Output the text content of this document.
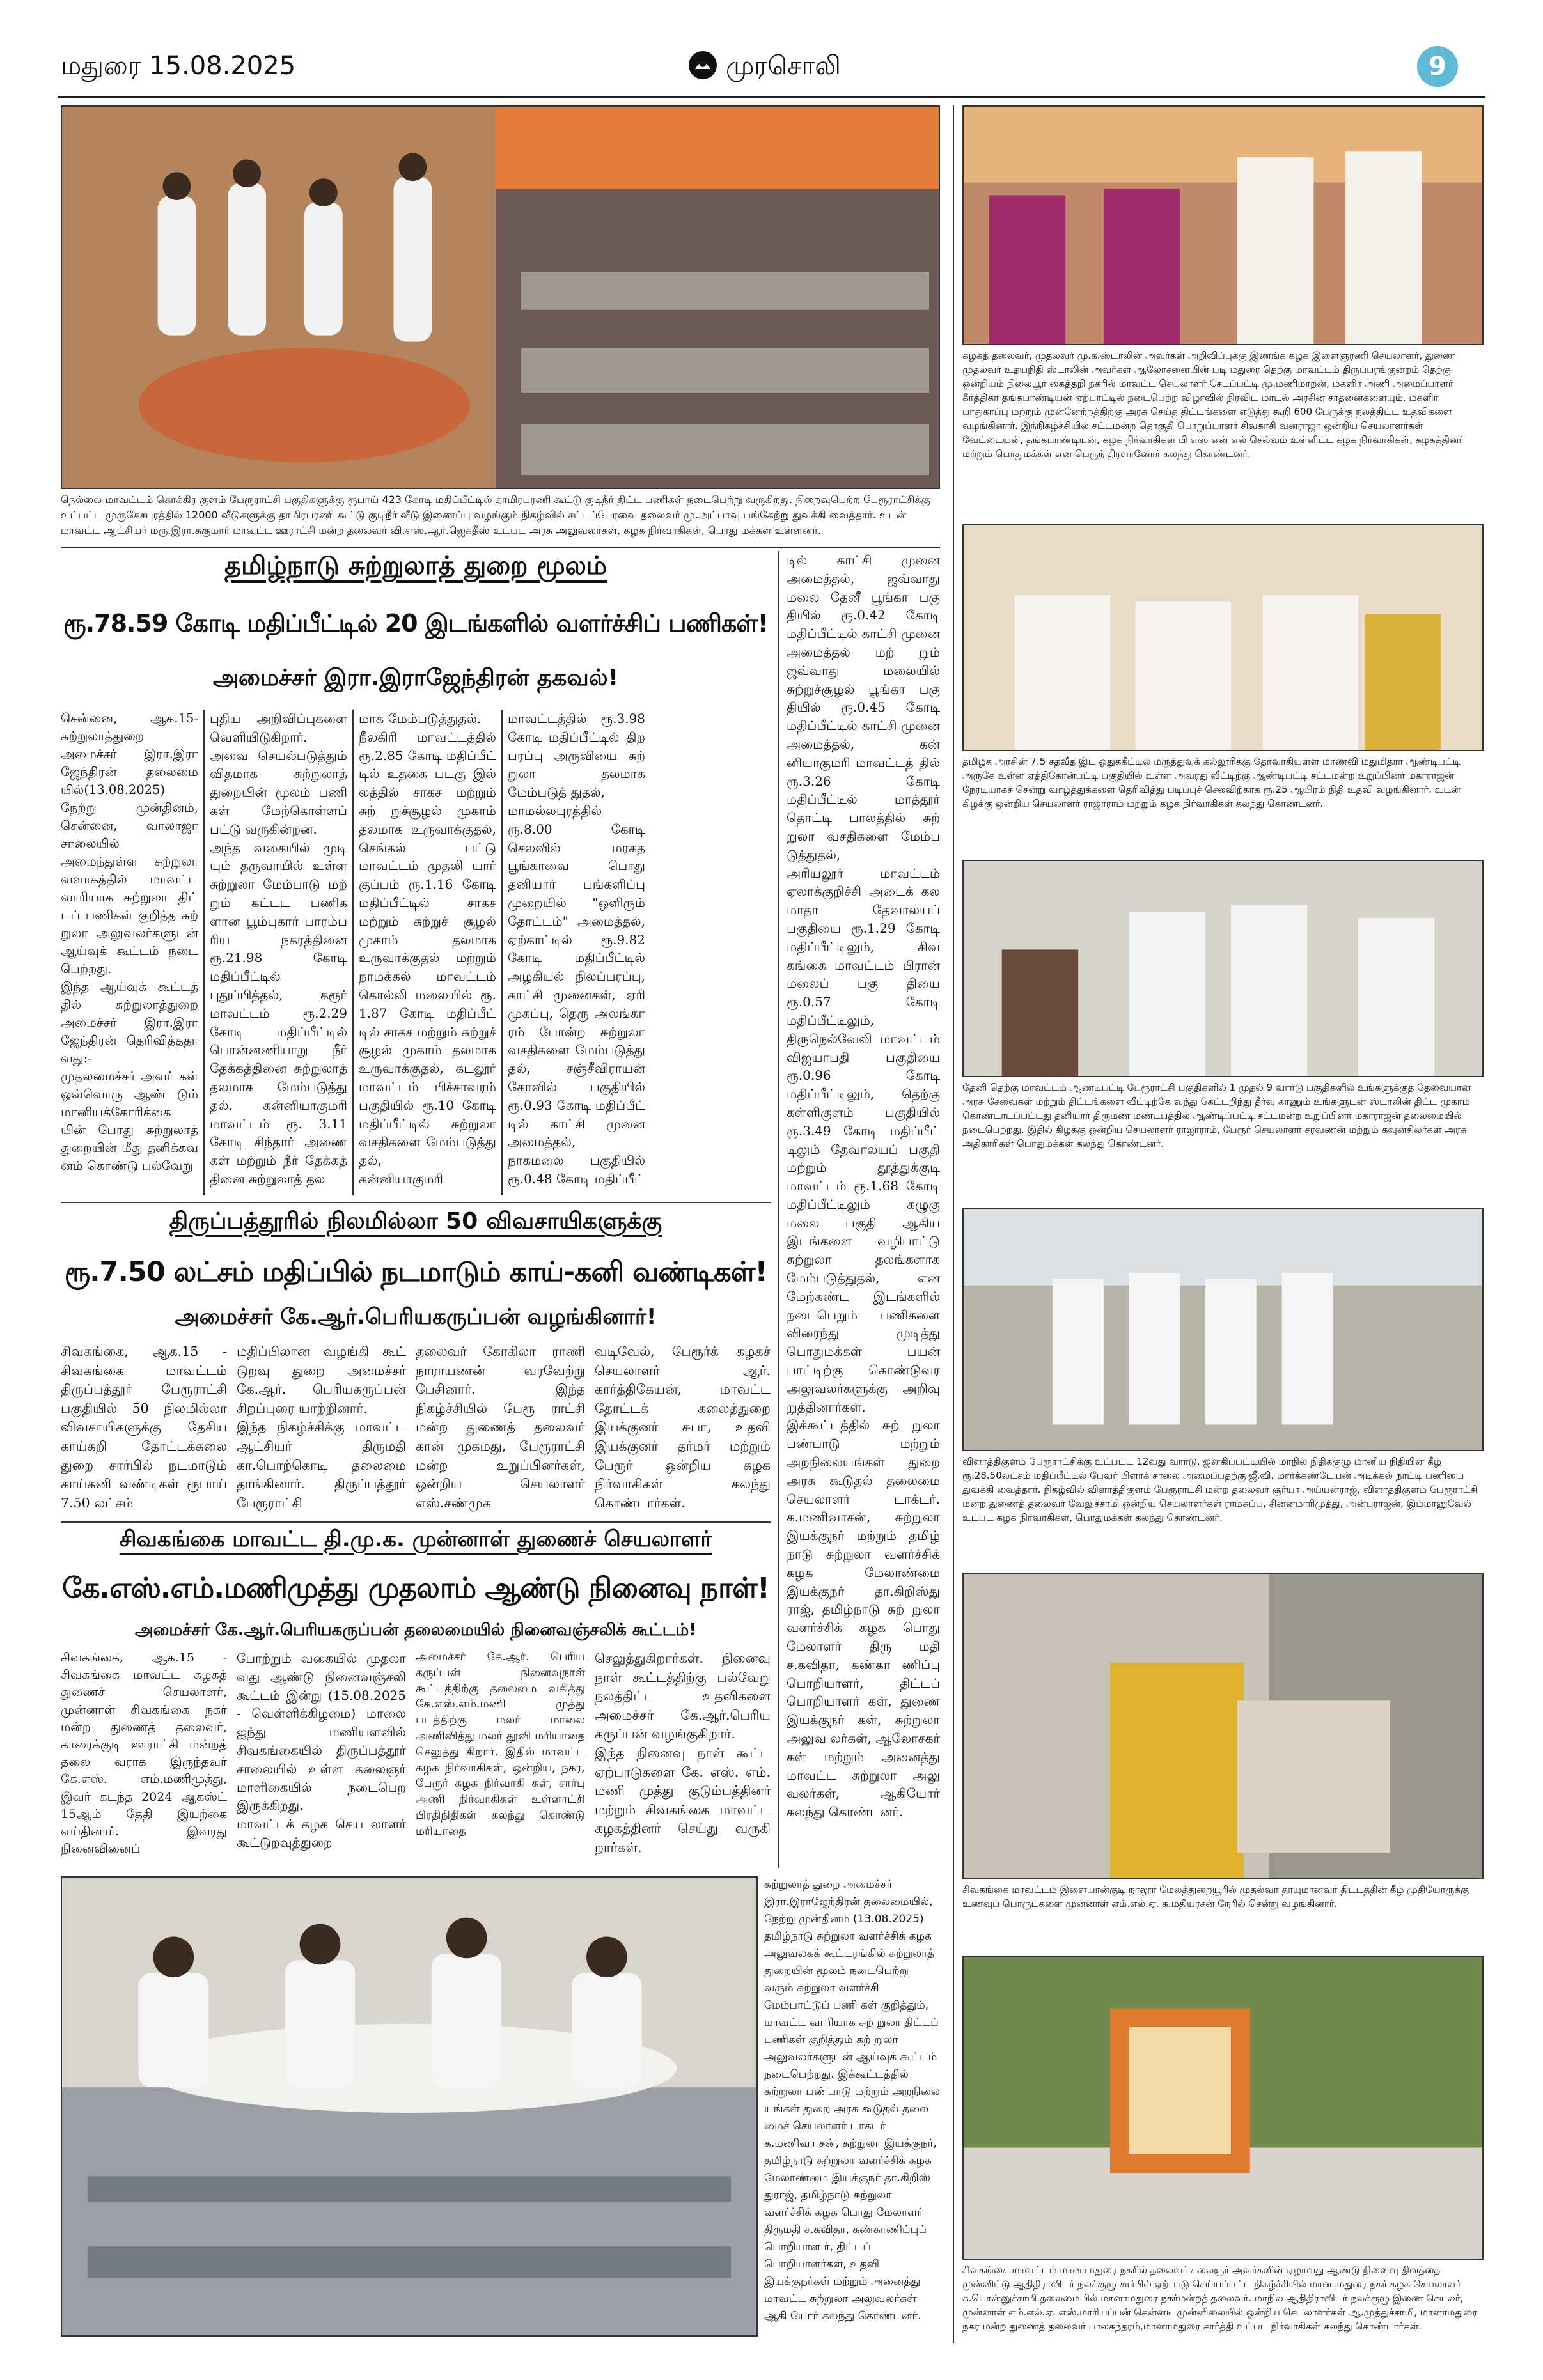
மதுரை 15.08.2025	முரசொலி	9
நெல்லை மாவட்டம் கொக்கிர குளம் பேரூராட்சி பகுதிகளுக்கு ரூபாய் 423 கோடி மதிப்பீட்டில் தாமிரபரணி கூட்டு குடிநீர் திட்ட பணிகள் நடைபெற்று வருகிறது. நிறைவுபெற்ற பேரூராட்சிக்கு உட்பட்ட முருகேசபுரத்தில் 12000 வீடுகளுக்கு தாமிரபரணி கூட்டு குடிநீர் வீடு இணைப்பு வழங்கும் நிகழ்வில் சட்டப்பேரவை தலைவர் மு.அப்பாவு பங்கேற்று துவக்கி வைத்தார். உடன் மாவட்ட ஆட்சியர் மரு.இரா.சுகுமார் மாவட்ட ஊராட்சி மன்ற தலைவர் வி.எஸ்.ஆர்.ஜெகதீஸ் உட்பட அரசு அலுவலர்கள், கழக நிர்வாகிகள், பொது மக்கள் உள்ளனர்.
தமிழ்நாடு சுற்றுலாத் துறை மூலம்
ரூ.78.59 கோடி மதிப்பீட்டில் 20 இடங்களில் வளர்ச்சிப் பணிகள்!
அமைச்சர் இரா.இராஜேந்திரன் தகவல்!
சென்னை, ஆக.15- சுற்றுலாத்துறை அமைச்சர் இரா.இரா ஜேந்திரன் தலைமை யில்(13.08.2025) நேற்று முன்தினம், சென்னை, வாலாஜா சாலையில் அமைந்துள்ள சுற்றுலா வளாகத்தில் மாவட்ட வாரியாக சுற்றுலா திட் டப் பணிகள் குறித்த சுற் றுலா அலுவலர்களுடன் ஆய்வுக் கூட்டம் நடை பெற்றது.
இந்த ஆய்வுக் கூட்டத் தில் சுற்றுலாத்துறை அமைச்சர் இரா.இரா ஜேந்திரன் தெரிவித்ததா வது:-
முதலமைச்சர் அவர் கள் ஒவ்வொரு ஆண் டும் மானியக்கோரிக்கை யின் போது சுற்றுலாத் துறையின் மீது தனிக்கவ னம் கொண்டு பல்வேறு
புதிய அறிவிப்புகளை வெளியிடுகிறார். அவை செயல்படுத்தும் விதமாக சுற்றுலாத் துறையின் மூலம் பணி கள் மேற்கொள்ளப் பட்டு வருகின்றன.
அந்த வகையில் முடி யும் தருவாயில் உள்ள சுற்றுலா மேம்பாடு மற் றும் கட்டட பணிக ளான பூம்புகார் பாரம்ப ரிய நகரத்தினை ரூ.21.98 கோடி மதிப்பீட்டில் புதுப்பித்தல், கரூர் மாவட்டம் ரூ.2.29 கோடி மதிப்பீட்டில் பொன்னணியாறு நீர் தேக்கத்தினை சுற்றுலாத் தலமாக மேம்படுத்து தல். கன்னியாகுமரி மாவட்டம் ரூ. 3.11 கோடி சிந்தார் அணை கள் மற்றும் நீர் தேக்கத் தினை சுற்றுலாத் தல
மாக மேம்படுத்துதல்.
நீலகிரி மாவட்டத்தில் ரூ.2.85 கோடி மதிப்பீட் டில் உதகை படகு இல் லத்தில் சாகச மற்றும் சுற் றுச்சூழல் முகாம் தலமாக உருவாக்குதல், செங்கல் பட்டு மாவட்டம் முதலி யார் குப்பம் ரூ.1.16 கோடி மதிப்பீட்டில் சாகச மற்றும் சுற்றுச் சூழல் முகாம் தலமாக உருவாக்குதல் மற்றும் நாமக்கல் மாவட்டம் கொல்லி மலையில் ரூ. 1.87 கோடி மதிப்பீட் டில் சாகச மற்றும் சுற்றுச் சூழல் முகாம் தலமாக உருவாக்குதல், கடலூர் மாவட்டம் பிச்சாவரம் பகுதியில் ரூ.10 கோடி மதிப்பீட்டில் சுற்றுலா வசதிகளை மேம்படுத்து தல்,
கன்னியாகுமரி
மாவட்டத்தில் ரூ.3.98 கோடி மதிப்பீட்டில் திற பரப்பு அருவியை சுற் றுலா தலமாக மேம்படுத் துதல்,
மாமல்லபுரத்தில் ரூ.8.00 கோடி செலவில் மரகத பூங்காவை பொது தனியார் பங்களிப்பு முறையில் "ஒளிரும் தோட்டம்" அமைத்தல், ஏற்காட்டில் ரூ.9.82 கோடி மதிப்பீட்டில் அழகியல் நிலப்பரப்பு, காட்சி முனைகள், ஏரி முகப்பு, தெரு அலங்கா ரம் போன்ற சுற்றுலா வசதிகளை மேம்படுத்து தல், சஞ்சீவிராயன் கோவில் பகுதியில் ரூ.0.93 கோடி மதிப்பீட் டில் காட்சி முனை அமைத்தல்,
நாகமலை பகுதியில் ரூ.0.48 கோடி மதிப்பீட்
டில் காட்சி முனை அமைத்தல், ஜவ்வாது மலை தேனீ பூங்கா பகு தியில் ரூ.0.42 கோடி மதிப்பீட்டில் காட்சி முனை அமைத்தல் மற் றும் ஜவ்வாது மலையில் சுற்றுச்சூழல் பூங்கா பகு தியில் ரூ.0.45 கோடி மதிப்பீட்டில் காட்சி முனை அமைத்தல், கன் னியாகுமரி மாவட்டத் தில் ரூ.3.26 கோடி மதிப்பீட்டில் மாத்தூர் தொட்டி பாலத்தில் சுற் றுலா வசதிகளை மேம்ப டுத்துதல்,
அரியலூர் மாவட்டம் ஏலாக்குறிச்சி அடைக் கல மாதா தேவாலயப் பகுதியை ரூ.1.29 கோடி மதிப்பீட்டிலும், சிவ கங்கை மாவட்டம் பிரான் மலைப் பகு தியை ரூ.0.57 கோடி மதிப்பீட்டிலும்,
திருநெல்வேலி மாவட்டம் விஜயாபதி பகுதியை ரூ.0.96 கோடி மதிப்பீட்டிலும், தெற்கு கள்ளிகுளம் பகுதியில் ரூ.3.49 கோடி மதிப்பீட் டிலும் தேவாலயப் பகுதி மற்றும் தூத்துக்குடி மாவட்டம் ரூ.1.68 கோடி மதிப்பீட்டிலும் கழுகு மலை பகுதி ஆகிய இடங்களை வழிபாட்டு சுற்றுலா தலங்களாக மேம்படுத்துதல், என மேற்கண்ட இடங்களில் நடைபெறும் பணிகளை விரைந்து முடித்து பொதுமக்கள் பயன் பாட்டிற்கு கொண்டுவர அலுவலர்களுக்கு அறிவு றுத்தினார்கள்.
இக்கூட்டத்தில் சுற் றுலா பண்பாடு மற்றும் அறநிலையங்கள் துறை அரசு கூடுதல் தலைமை செயலாளர் டாக்டர். க.மணிவாசன், சுற்றுலா இயக்குநர் மற்றும் தமிழ் நாடு சுற்றுலா வளர்ச்சிக் கழக மேலாண்மை இயக்குநர் தா.கிறிஸ்து ராஜ், தமிழ்நாடு சுற் றுலா வளர்ச்சிக் கழக பொது மேலாளர் திரு மதி ச.கவிதா, கண்கா ணிப்பு பொறியாளர், திட்டப் பொறியாளர் கள், துணை இயக்குநர் கள், சுற்றுலா அலுவ லர்கள், ஆலோசகர் கள் மற்றும் அனைத்து மாவட்ட சுற்றுலா அலு வலர்கள், ஆகியோர் கலந்து கொண்டனர்.
திருப்பத்தூரில் நிலமில்லா 50 விவசாயிகளுக்கு
ரூ.7.50 லட்சம் மதிப்பில் நடமாடும் காய்-கனி வண்டிகள்!
அமைச்சர் கே.ஆர்.பெரியகருப்பன் வழங்கினார்!
சிவகங்கை, ஆக.15 - சிவகங்கை மாவட்டம் திருப்பத்தூர் பேரூராட்சி பகுதியில் 50 நிலமில்லா விவசாயிகளுக்கு தேசிய காய்கறி தோட்டக்கலை துறை சார்பில் நடமாடும் காய்கனி வண்டிகள் ரூபாய் 7.50 லட்சம்
மதிப்பிலான வழங்கி கூட் டுறவு துறை அமைச்சர் கே.ஆர். பெரியகருப்பன் சிறப்புரை யாற்றினார்.
இந்த நிகழ்ச்சிக்கு மாவட்ட ஆட்சியர் திருமதி கா.பொற்கொடி தலைமை தாங்கினார். திருப்பத்தூர் பேரூராட்சி
தலைவர் கோகிலா ராணி நாராயணன் வரவேற்று பேசினார். இந்த நிகழ்ச்சியில் பேரூ ராட்சி மன்ற துணைத் தலைவர் கான் முகமது, பேரூராட்சி மன்ற உறுப்பினர்கள், ஒன்றிய செயலாளர் எஸ்.சண்முக
வடிவேல், பேரூர்க் கழகச் செயலாளர் ஆர். கார்த்திகேயன், மாவட்ட தோட்டக் கலைத்துறை இயக்குனர் சுபா, உதவி இயக்குனர் தர்மர் மற்றும் பேரூர் ஒன்றிய கழக நிர்வாகிகள் கலந்து கொண்டார்கள்.
சிவகங்கை மாவட்ட தி.மு.க. முன்னாள் துணைச் செயலாளர்
கே.எஸ்.எம்.மணிமுத்து முதலாம் ஆண்டு நினைவு நாள்!
அமைச்சர் கே.ஆர்.பெரியகருப்பன் தலைமையில் நினைவஞ்சலிக் கூட்டம்!
சிவகங்கை, ஆக.15 - சிவகங்கை மாவட்ட கழகத் துணைச் செயலாளர், முன்னாள் சிவகங்கை நகர் மன்ற துணைத் தலைவர், காரைக்குடி ஊராட்சி மன்றத் தலை வராக இருந்தவர் கே.எஸ். எம்.மணிமுத்து, இவர் கடந்த 2024 ஆகஸ்ட் 15ஆம் தேதி இயற்கை எய்தினார். இவரது நினைவினைப்
போற்றும் வகையில் முதலா வது ஆண்டு நினைவஞ்சலி கூட்டம் இன்று (15.08.2025 - வெள்ளிக்கிழமை) மாலை ஐந்து மணியளவில் சிவகங்கையில் திருப்பத்தூர் சாலையில் உள்ள கலைஞர் மாளிகையில் நடைபெற இருக்கிறது.
மாவட்டக் கழக செய லாளர் கூட்டுறவுத்துறை
அமைச்சர் கே.ஆர். பெரிய கருப்பன் நினைவுநாள் கூட்டத்திற்கு தலைமை வகித்து கே.எஸ்.எம்.மணி முத்து படத்திற்கு மலர் மாலை அணிவித்து மலர் தூவி மரியாதை செலுத்து கிறார். இதில் மாவட்ட கழக நிர்வாகிகள், ஒன்றிய, நகர, பேரூர் கழக நிர்வாகி கள், சார்பு அணி நிர்வாகிகள் உள்ளாட்சி பிரதிநிதிகள் கலந்து கொண்டு மரியாதை
செலுத்துகிறார்கள். நினைவு நாள் கூட்டத்திற்கு பல்வேறு நலத்திட்ட உதவிகளை அமைச்சர் கே.ஆர்.பெரிய கருப்பன் வழங்குகிறார்.
இந்த நினைவு நாள் கூட்ட ஏற்பாடுகளை கே. எஸ். எம். மணி முத்து குடும்பத்தினர் மற்றும் சிவகங்கை மாவட்ட கழகத்தினர் செய்து வருகி றார்கள்.
சுற்றுலாத் துறை அமைச்சர் இரா.இராஜேந்திரன் தலைமையில், நேற்று முன்தினம் (13.08.2025) தமிழ்நாடு சுற்றுலா வளர்ச்சிக் கழக அலுவலகக் கூட்டரங்கில் சுற்றுலாத் துறையின் மூலம் நடைபெற்று வரும் சுற்றுலா வளர்ச்சி மேம்பாட்டுப் பணி கள் குறித்தும், மாவட்ட வாரியாக சுற் றுலா திட்டப் பணிகள் குறித்தும் சுற் றுலா அலுவலர்களுடன் ஆய்வுக் கூட்டம் நடைபெற்றது. இக்கூட்டத்தில் சுற்றுலா பண்பாடு மற்றும் அறநிலை யங்கள் துறை அரசு கூடுதல் தலை மைச் செயலாளர் டாக்டர் க.மணிவா சன், சுற்றுலா இயக்குநர், தமிழ்நாடு சுற்றுலா வளர்ச்சிக் கழக மேலாண்மை இயக்குநர் தா.கிறிஸ் துராஜ், தமிழ்நாடு சுற்றுலா வளர்ச்சிக் கழக பொது மேலாளர் திருமதி ச.கவிதா, கண்காணிப்புப் பொறியாள ர், திட்டப் பொறியாளர்கள், உதவி இயக்குநர்கள் மற்றும் அனைத்து மாவட்ட சுற்றுலா அலுவலர்கள் ஆகி யோர் கலந்து கொண்டனர்.
கழகத் தலைவர், முதல்வர் மு.க.ஸ்டாலின் அவர்கள் அறிவிப்புக்கு இணங்க கழக இளைஞரணி செயலாளர், துணை முதல்வர் உதயநிதி ஸ்டாலின் அவர்கள் ஆலோசனையின் படி மதுரை தெற்கு மாவட்டம் திருப்பரங்குன்றம் தெற்கு ஒன்றியம் நிலையூர் கைத்தறி நகரில் மாவட்ட செயலாளர் சேடப்பட்டி மு.மணிமாறன், மகளிர் அணி அமைப்பாளர் கீர்த்திகா தங்கபாண்டியன் ஏற்பாட்டில் நடைபெற்ற விழாவில் நிரவிட மாடல் அரசின் சாதனைகளையும், மகளிர் பாதுகாப்பு மற்றும் முன்னேற்றத்திற்கு அரசு செய்த திட்டங்களை எடுத்து கூறி 600 பேருக்கு நலத்திட்ட உதவிகளை வழங்கினார். இந்நிகழ்ச்சியில் சட்டமன்ற தொகுதி பொறுப்பாளர் சிவகாசி வனராஜா ஒன்றிய செயலாளர்கள் வேட்டையன், தங்கபாண்டியன், கழக நிர்வாகிகள் பி எஸ் என் எல் செல்வம் உள்ளிட்ட கழக நிர்வாகிகள், கழகத்தினர் மற்றும் பொதுமக்கள் என பெருந் திரளானோர் கலந்து கொண்டனர்.
தமிழக அரசின் 7.5 சதவீத இட ஒதுக்கீட்டில் மருத்துவக் கல்லூரிக்கு தேர்வாகியுள்ள மாணவி மதுமித்ரா ஆண்டிபட்டி அருகே உள்ள ஏத்திகோன்பட்டி பகுதியில் உள்ள அவரது வீட்டிற்கு ஆண்டிபட்டி சட்டமன்ற உறுப்பினர் மகாராஜன் நேரடியாகச் சென்று வாழ்த்துக்களை தெரிவித்து படிப்புச் செலவிற்காக ரூ.25 ஆயிரம் நிதி உதவி வழங்கினார். உடன் கிழக்கு ஒன்றிய செயலாளர் ராஜாராம் மற்றும் கழக நிர்வாகிகள் கலந்து கொண்டனர்.
தேனி தெற்கு மாவட்டம் ஆண்டிபட்டி பேரூராட்சி பகுதிகளில் 1 முதல் 9 வார்டு பகுதிகளில் உங்களுக்குத் தேவையான அரசு சேவைகள் மற்றும் திட்டங்களை வீட்டிற்கே வந்து கேட்டறிந்து தீர்வு காணும் உங்களுடன் ஸ்டாலின் திட்ட முகாம் கொண்டாடப்பட்டது தனியார் திருமண மண்டபத்தில் ஆண்டிப்பட்டி சட்டமன்ற உறுப்பினர் மகாராஜன் தலைமையில் நடைபெற்றது. இதில் கிழக்கு ஒன்றிய செயலாளர் ராஜாராம், பேரூர் செயலாளர் சரவணன் மற்றும் கவுன்சிலர்கள் அரசு அதிகாரிகள் பொதுமக்கள் கலந்து கொண்டனர்.
விளாத்திகுளம் பேரூராட்சிக்கு உட்பட்ட 12வது வார்டு, ஜனகிப்பட்டியில் மாநில நிதிக்குழு மானிய நிதியின் கீழ் ரூ.28.50லட்சம் மதிப்பீட்டில் பேவர் பிளாக் சாலை அமைப்பதற்கு ஜீ.வி. மார்க்கண்டேயன் அடிக்கல் நாட்டி பணியை துவக்கி வைத்தார். நிகழ்வில் விளாத்திகுளம் பேரூராட்சி மன்ற தலைவர் சூர்யா அய்யன்ராஜ், விளாத்திகுளம் பேரூராட்சி மன்ற துணைத் தலைவர் வேலுச்சாமி ஒன்றிய செயலாளர்கள் ராமசுப்பு, சின்னமாரிமுத்து, அன்புராஜன், இம்மானுவேல் உட்பட கழக நிர்வாகிகள், பொதுமக்கள் கலந்து கொண்டனர்.
சிவகங்கை மாவட்டம் இளையான்குடி நாலூர் மேலத்துறையூரில் முதல்வர் தாயுமானவர் திட்டத்தின் கீழ் முதியோருக்கு உணவுப் பொருட்களை முன்னாள் எம்.எல்.ஏ. சு.மதியரசன் நேரில் சென்று வழங்கினார்.
சிவகங்கை மாவட்டம் மானாமதுரை நகரில் தலைவர் கலைஞர் அவர்களின் ஏழாவது ஆண்டு நினைவு தினத்தை முன்னிட்டு ஆதிதிராவிடர் நலக்குழு சார்பில் ஏற்பாடு செய்யப்பட்ட நிகழ்ச்சியில் மானாமதுரை நகர் கழக செயலாளர் க.பொன்னுச்சாமி தலைமையில் மானாமதுரை நகர்மன்றத் தலைவர். மாநில ஆதிதிராவிடர் நலக்குழு இணை செயலர், முன்னாள் எம்.எல்.ஏ. எஸ்.மாரியப்பன் கென்னடி முன்னிலையில் ஒன்றிய செயலாளர்கள் ஆ.முத்துச்சாமி, மானாமதுரை நகர மன்ற துணைத் தலைவர் பாலசுந்தரம்,மானாமதுரை கார்த்தி உட்பட நிர்வாகிகள் கலந்து கொண்டார்கள்.
